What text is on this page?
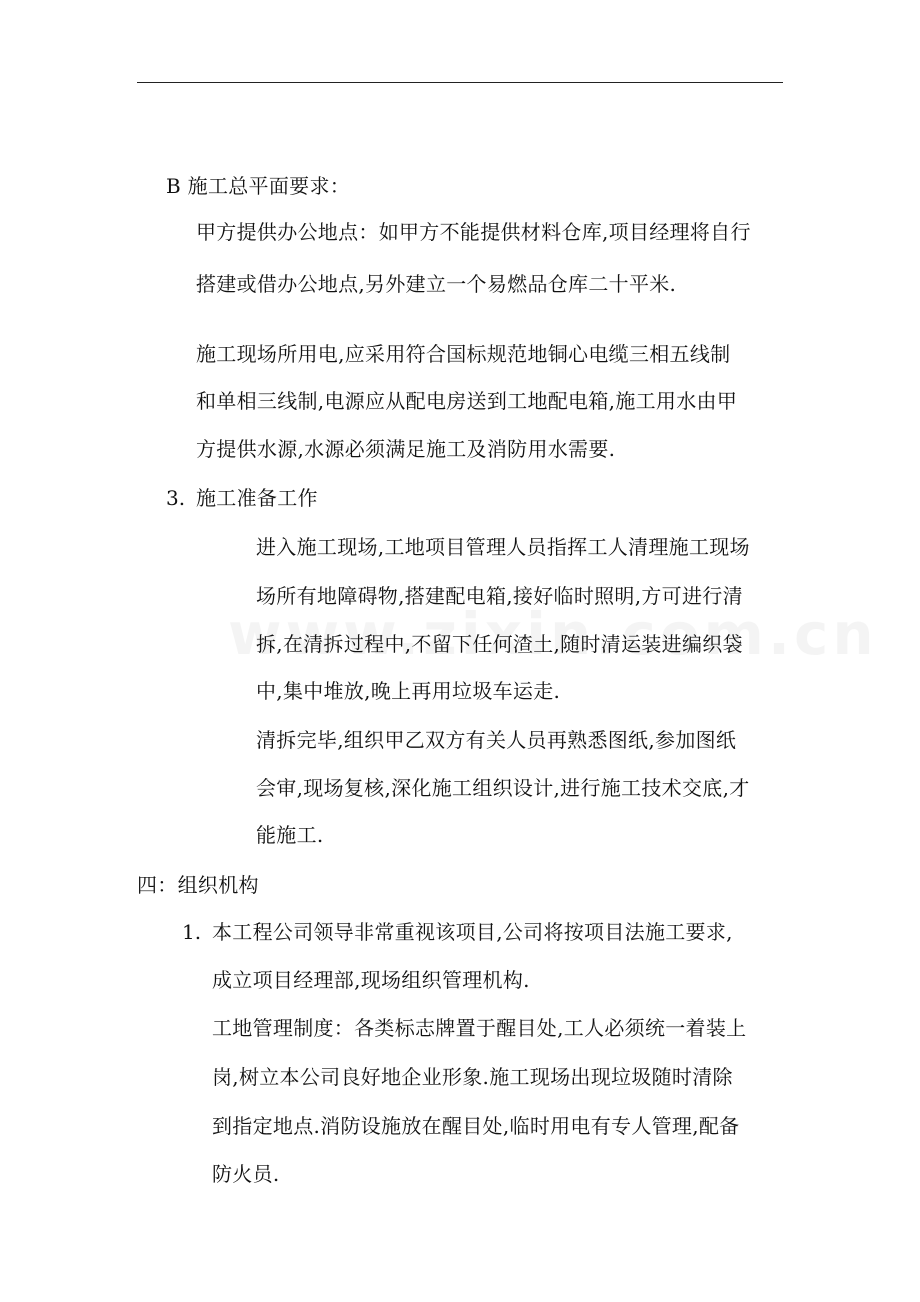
B 施工总平面要求：
甲方提供办公地点：如甲方不能提供材料仓库,项目经理将自行
搭建或借办公地点,另外建立一个易燃品仓库二十平米.
施工现场所用电,应采用符合国标规范地铜心电缆三相五线制
和单相三线制,电源应从配电房送到工地配电箱,施工用水由甲
方提供水源,水源必须满足施工及消防用水需要.
3. 施工准备工作
进入施工现场,工地项目管理人员指挥工人清理施工现场
场所有地障碍物,搭建配电箱,接好临时照明,方可进行清
拆,在清拆过程中,不留下任何渣土,随时清运装进编织袋
中,集中堆放,晚上再用垃圾车运走.
清拆完毕,组织甲乙双方有关人员再熟悉图纸,参加图纸
会审,现场复核,深化施工组织设计,进行施工技术交底,才
能施工.
四：组织机构
1. 本工程公司领导非常重视该项目,公司将按项目法施工要求,
成立项目经理部,现场组织管理机构.
工地管理制度：各类标志牌置于醒目处,工人必须统一着装上
岗,树立本公司良好地企业形象.施工现场出现垃圾随时清除
到指定地点.消防设施放在醒目处,临时用电有专人管理,配备
防火员.
